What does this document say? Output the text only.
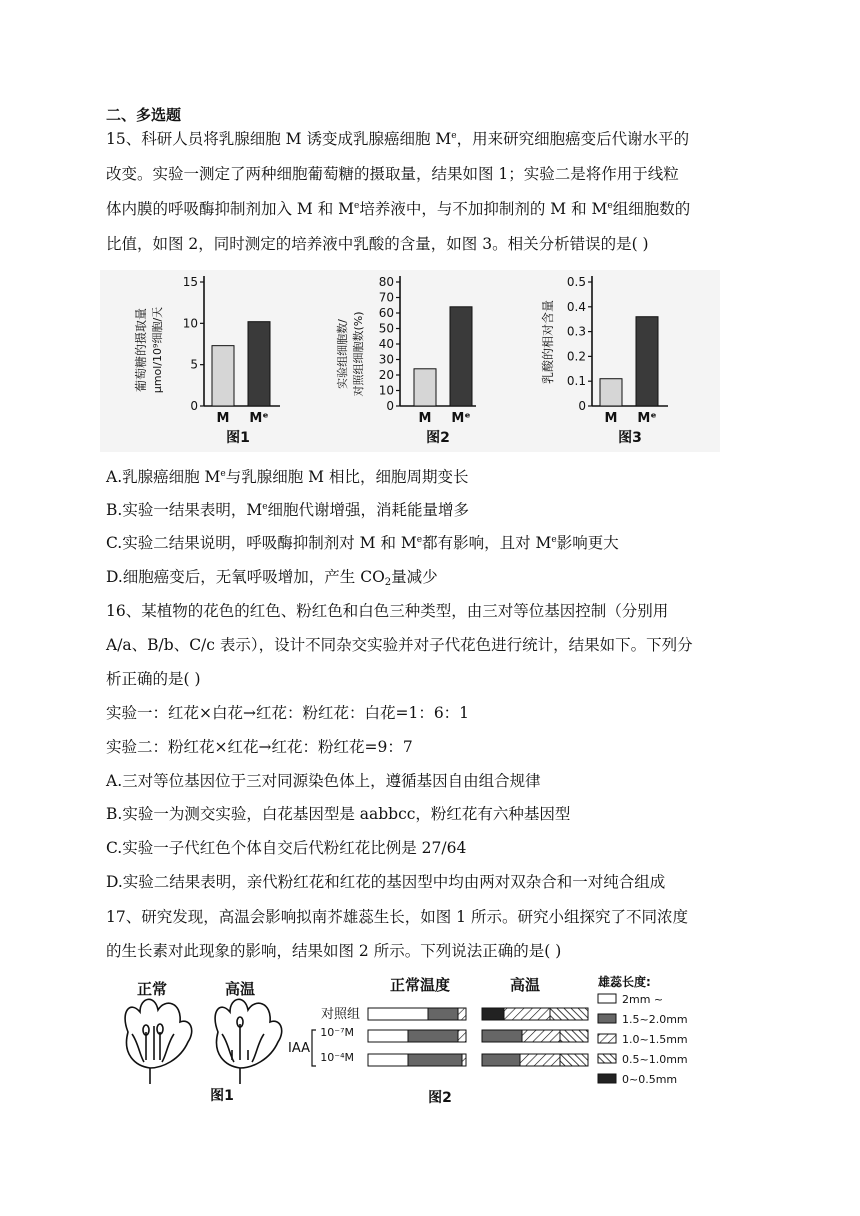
二、多选题
15、科研人员将乳腺细胞 M 诱变成乳腺癌细胞 Me，用来研究细胞癌变后代谢水平的
改变。实验一测定了两种细胞葡萄糖的摄取量，结果如图 1；实验二是将作用于线粒
体内膜的呼吸酶抑制剂加入 M 和 Me培养液中，与不加抑制剂的 M 和 Me组细胞数的
比值，如图 2，同时测定的培养液中乳酸的含量，如图 3。相关分析错误的是( )
0
5
10
15
M Mᵉ
0
10
20
30
40
50
60
70
80
M Mᵉ
0
0.1
0.2
0.3
0.4
0.5
M Mᵉ
葡萄糖的摄取量 μmol/10⁹细胞/天	实验组细胞数/ 对照组细胞数(%)	乳酸的相对含量
图1	图2	图3
A.乳腺癌细胞 Me与乳腺细胞 M 相比，细胞周期变长
B.实验一结果表明，Me细胞代谢增强，消耗能量增多
C.实验二结果说明，呼吸酶抑制剂对 M 和 Me都有影响，且对 Me影响更大
D.细胞癌变后，无氧呼吸增加，产生 $CO_2$量减少
16、某植物的花色的红色、粉红色和白色三种类型，由三对等位基因控制（分别用
A/a、B/b、C/c 表示），设计不同杂交实验并对子代花色进行统计，结果如下。下列分
析正确的是( )
实验一：红花×白花→红花：粉红花：白花=1：6：1
实验二：粉红花×红花→红花：粉红花=9：7
A.三对等位基因位于三对同源染色体上，遵循基因自由组合规律
B.实验一为测交实验，白花基因型是 aabbcc，粉红花有六种基因型
C.实验一子代红色个体自交后代粉红花比例是 27/64
D.实验二结果表明，亲代粉红花和红花的基因型中均由两对双杂合和一对纯合组成
17、研究发现，高温会影响拟南芥雄蕊生长，如图 1 所示。研究小组探究了不同浓度
的生长素对此现象的影响，结果如图 2 所示。下列说法正确的是( )
正常	高温
图1
正常温度	高温
对照组
IAA
10⁻⁷M
10⁻⁴M
雄蕊长度:
2mm ~
1.5~2.0mm
1.0~1.5mm
0.5~1.0mm
0~0.5mm
图2
